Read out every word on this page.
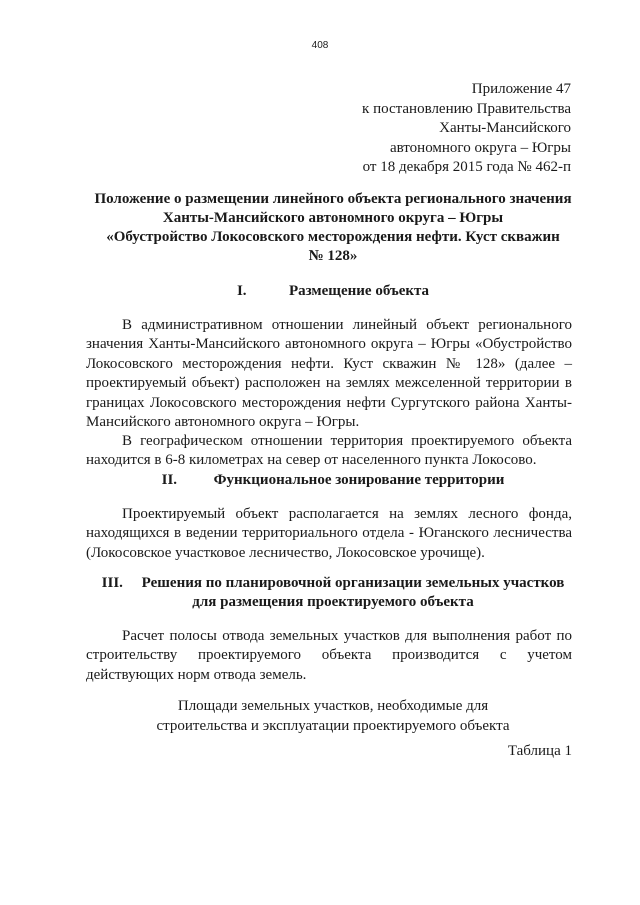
408
Приложение 47
к постановлению Правительства
Ханты-Мансийского
автономного округа – Югры
от 18 декабря 2015 года № 462-п
Положение о размещении линейного объекта регионального значения
Ханты-Мансийского автономного округа – Югры
«Обустройство Локосовского месторождения нефти. Куст скважин
№ 128»
I.	Размещение объекта
В административном отношении линейный объект регионального
значения Ханты-Мансийского автономного округа – Югры «Обустройство
Локосовского месторождения нефти. Куст скважин № 128» (далее –
проектируемый объект) расположен на землях межселенной территории в
границах Локосовского месторождения нефти Сургутского района Ханты-
Мансийского автономного округа – Югры.
В географическом отношении территория проектируемого объекта
находится в 6-8 километрах на север от населенного пункта Локосово.
II. Функциональное зонирование территории
Проектируемый объект располагается на землях лесного фонда,
находящихся в ведении территориального отдела - Юганского лесничества
(Локосовское участковое лесничество, Локосовское урочище).
III. Решения по планировочной организации земельных участков
для размещения проектируемого объекта
Расчет полосы отвода земельных участков для выполнения работ по
строительству проектируемого объекта производится с учетом
действующих норм отвода земель.
Площади земельных участков, необходимые для
строительства и эксплуатации проектируемого объекта
Таблица 1
